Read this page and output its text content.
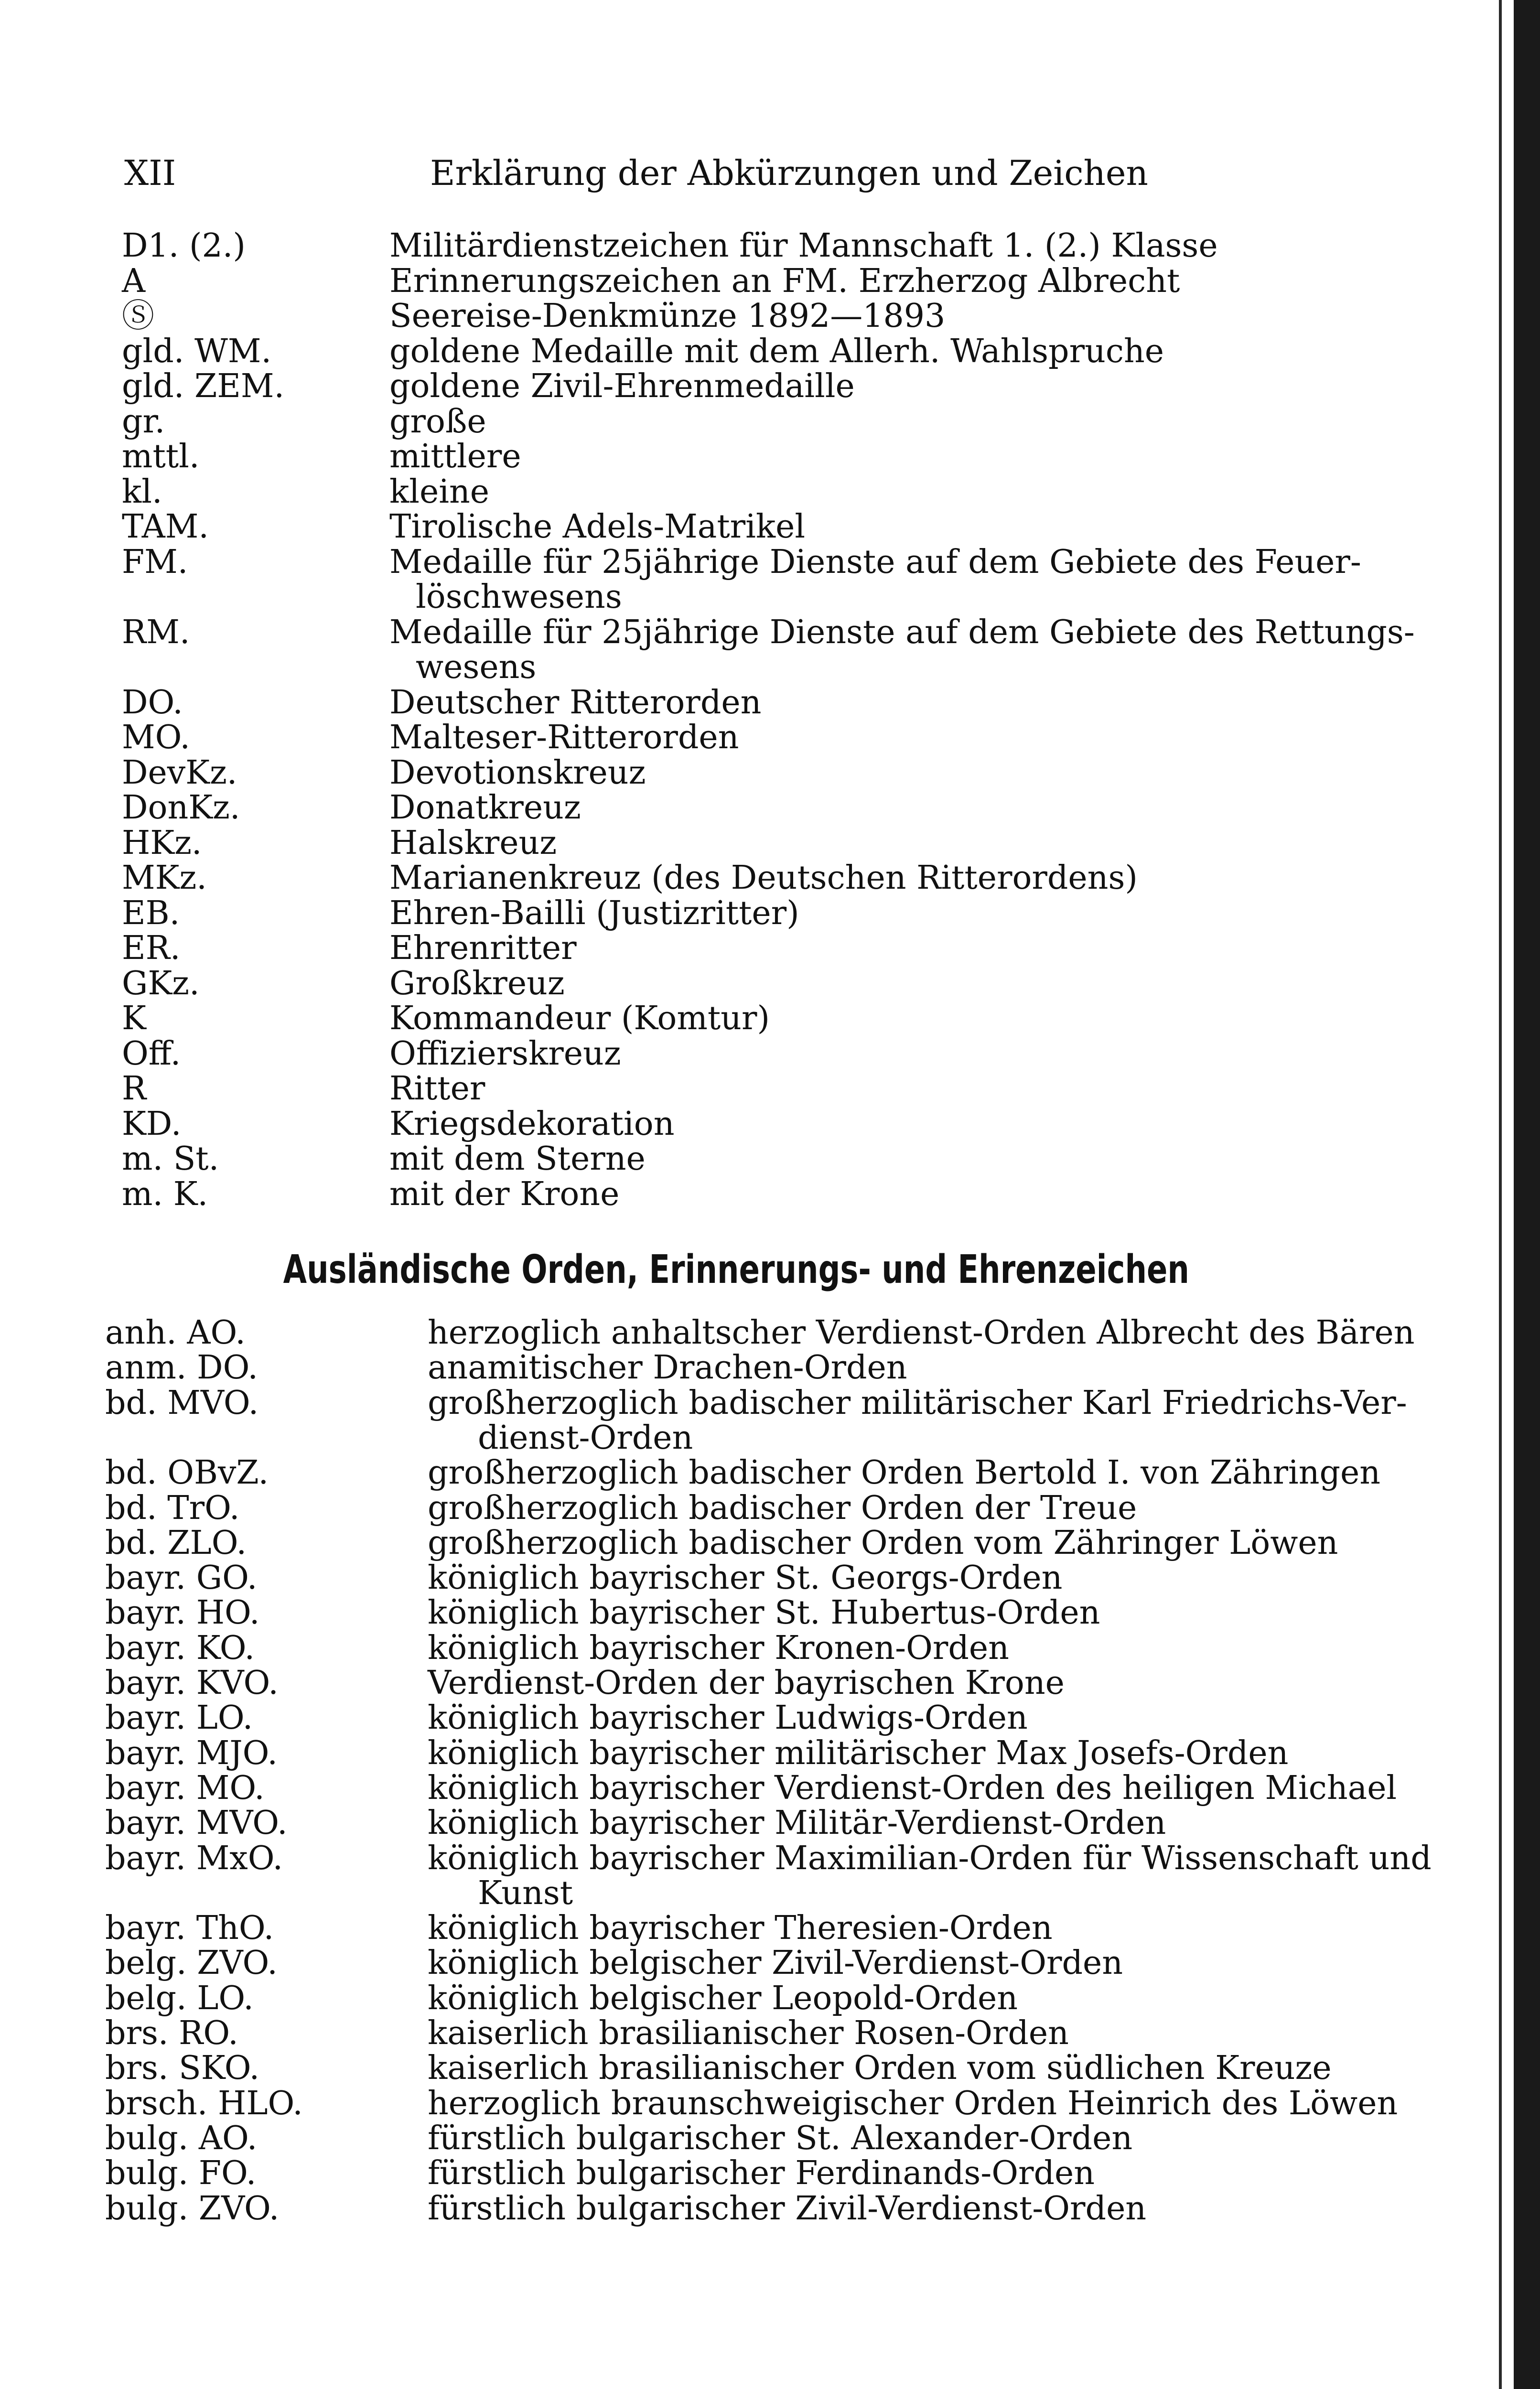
XII	Erklärung der Abkürzungen und Zeichen
D1. (2.)	Militärdienstzeichen für Mannschaft 1. (2.) Klasse
A	Erinnerungszeichen an FM. Erzherzog Albrecht
Ⓢ	Seereise-Denkmünze 1892—1893
gld. WM.	goldene Medaille mit dem Allerh. Wahlspruche
gld. ZEM.	goldene Zivil-Ehrenmedaille
gr.	große
mttl.	mittlere
kl.	kleine
TAM.	Tirolische Adels-Matrikel
FM.	Medaille für 25jährige Dienste auf dem Gebiete des Feuer-
löschwesens
RM.	Medaille für 25jährige Dienste auf dem Gebiete des Rettungs-
wesens
DO.	Deutscher Ritterorden
MO.	Malteser-Ritterorden
DevKz.	Devotionskreuz
DonKz.	Donatkreuz
HKz.	Halskreuz
MKz.	Marianenkreuz (des Deutschen Ritterordens)
EB.	Ehren-Bailli (Justizritter)
ER.	Ehrenritter
GKz.	Großkreuz
K	Kommandeur (Komtur)
Off.	Offizierskreuz
R	Ritter
KD.	Kriegsdekoration
m. St.	mit dem Sterne
m. K.	mit der Krone
Ausländische Orden, Erinnerungs- und Ehrenzeichen
anh. AO.	herzoglich anhaltscher Verdienst-Orden Albrecht des Bären
anm. DO.	anamitischer Drachen-Orden
bd. MVO.	großherzoglich badischer militärischer Karl Friedrichs-Ver-
dienst-Orden
bd. OBvZ.	großherzoglich badischer Orden Bertold I. von Zähringen
bd. TrO.	großherzoglich badischer Orden der Treue
bd. ZLO.	großherzoglich badischer Orden vom Zähringer Löwen
bayr. GO.	königlich bayrischer St. Georgs-Orden
bayr. HO.	königlich bayrischer St. Hubertus-Orden
bayr. KO.	königlich bayrischer Kronen-Orden
bayr. KVO.	Verdienst-Orden der bayrischen Krone
bayr. LO.	königlich bayrischer Ludwigs-Orden
bayr. MJO.	königlich bayrischer militärischer Max Josefs-Orden
bayr. MO.	königlich bayrischer Verdienst-Orden des heiligen Michael
bayr. MVO.	königlich bayrischer Militär-Verdienst-Orden
bayr. MxO.	königlich bayrischer Maximilian-Orden für Wissenschaft und
Kunst
bayr. ThO.	königlich bayrischer Theresien-Orden
belg. ZVO.	königlich belgischer Zivil-Verdienst-Orden
belg. LO.	königlich belgischer Leopold-Orden
brs. RO.	kaiserlich brasilianischer Rosen-Orden
brs. SKO.	kaiserlich brasilianischer Orden vom südlichen Kreuze
brsch. HLO.	herzoglich braunschweigischer Orden Heinrich des Löwen
bulg. AO.	fürstlich bulgarischer St. Alexander-Orden
bulg. FO.	fürstlich bulgarischer Ferdinands-Orden
bulg. ZVO.	fürstlich bulgarischer Zivil-Verdienst-Orden
